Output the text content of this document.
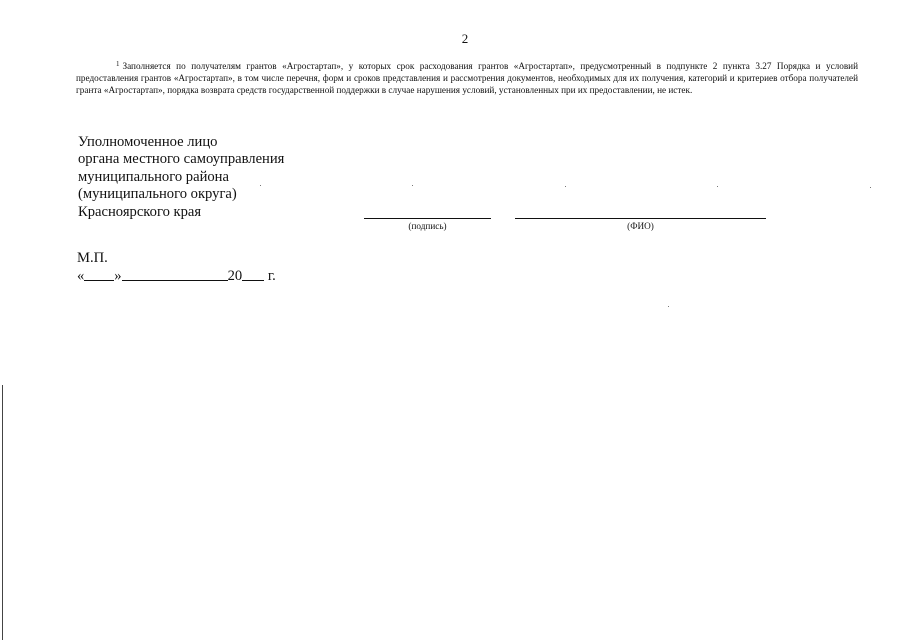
2
$^1$ Заполняется по получателям грантов «Агростартап», у которых срок расходования грантов «Агростартап», предусмотренный в подпункте 2 пункта 3.27 Порядка и условий предоставления грантов «Агростартап», в том числе перечня, форм и сроков представления и рассмотрения документов, необходимых для их получения, категорий и критериев отбора получателей гранта «Агростартап», порядка возврата средств государственной поддержки в случае нарушения условий, установленных при их предоставлении, не истек.
Уполномоченное лицо
органа местного самоуправления
муниципального района
(муниципального округа)
Красноярского края
(подпись)	(ФИО)
М.П.
« »	20 г.
